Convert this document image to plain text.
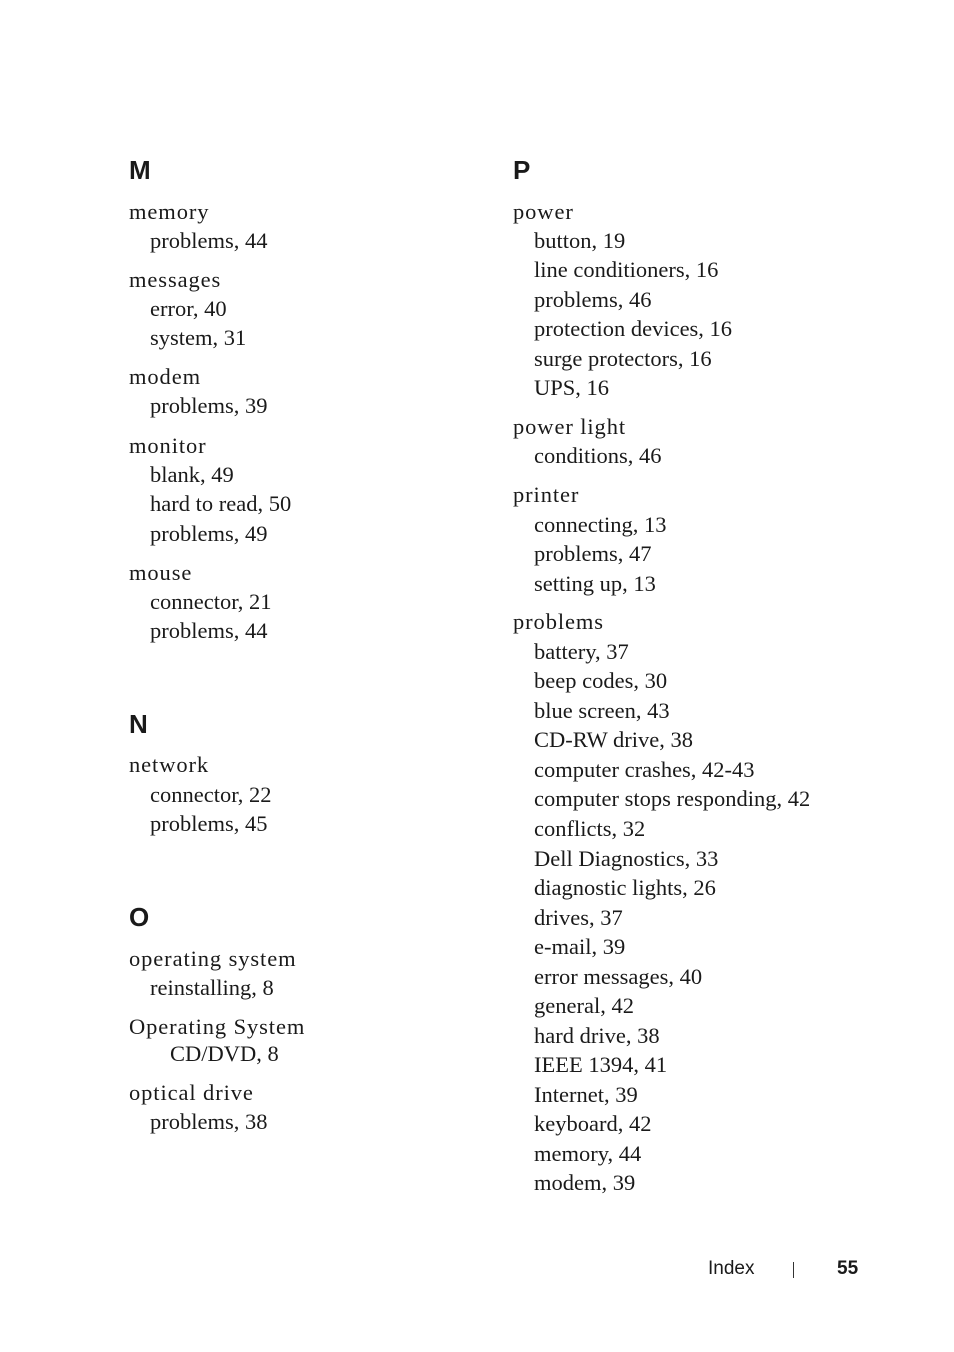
M
memory
problems, 44
messages
error, 40
system, 31
modem
problems, 39
monitor
blank, 49
hard to read, 50
problems, 49
mouse
connector, 21
problems, 44
N
network
connector, 22
problems, 45
O
operating system
reinstalling, 8
Operating System
CD/DVD, 8
optical drive
problems, 38
P
power
button, 19
line conditioners, 16
problems, 46
protection devices, 16
surge protectors, 16
UPS, 16
power light
conditions, 46
printer
connecting, 13
problems, 47
setting up, 13
problems
battery, 37
beep codes, 30
blue screen, 43
CD-RW drive, 38
computer crashes, 42-43
computer stops responding, 42
conflicts, 32
Dell Diagnostics, 33
diagnostic lights, 26
drives, 37
e-mail, 39
error messages, 40
general, 42
hard drive, 38
IEEE 1394, 41
Internet, 39
keyboard, 42
memory, 44
modem, 39
Index	55
